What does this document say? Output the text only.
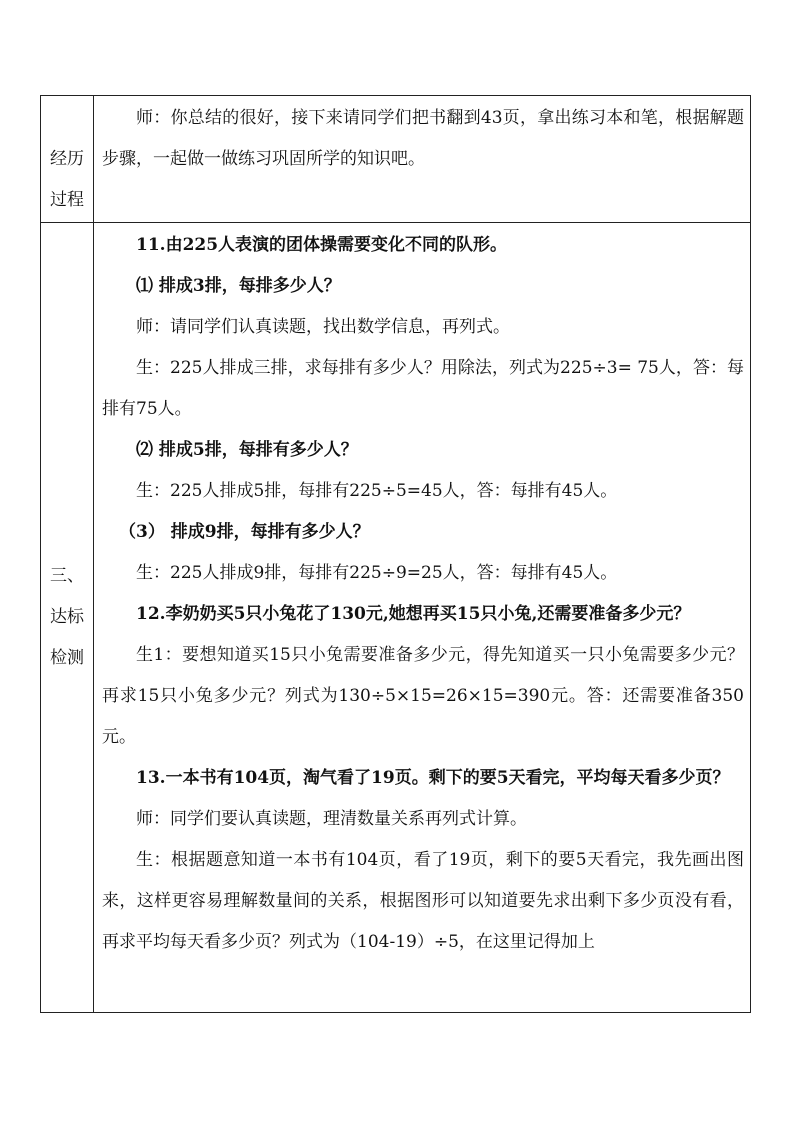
经历
过程

师：你总结的很好，接下来请同学们把书翻到43页，拿出练习本和笔，根据解题步骤，一起做一做练习巩固所学的知识吧。

三、
达标
检测

11.由225人表演的团体操需要变化不同的队形。

⑴ 排成3排，每排多少人？

师：请同学们认真读题，找出数学信息，再列式。

生：225人排成三排，求每排有多少人？用除法，列式为225÷3= 75人，答：每排有75人。

⑵ 排成5排，每排有多少人？

生：225人排成5排，每排有225÷5=45人，答：每排有45人。

（3） 排成9排，每排有多少人？

生：225人排成9排，每排有225÷9=25人，答：每排有45人。

12.李奶奶买5只小兔花了130元,她想再买15只小兔,还需要准备多少元？

生1：要想知道买15只小兔需要准备多少元，得先知道买一只小兔需要多少元？再求15只小兔多少元？列式为130÷5×15=26×15=390元。答：还需要准备350元。

13.一本书有104页，淘气看了19页。剩下的要5天看完，平均每天看多少页？

师：同学们要认真读题，理清数量关系再列式计算。

生：根据题意知道一本书有104页，看了19页，剩下的要5天看完，我先画出图来，这样更容易理解数量间的关系，根据图形可以知道要先求出剩下多少页没有看，再求平均每天看多少页？列式为（104-19）÷5，在这里记得加上
